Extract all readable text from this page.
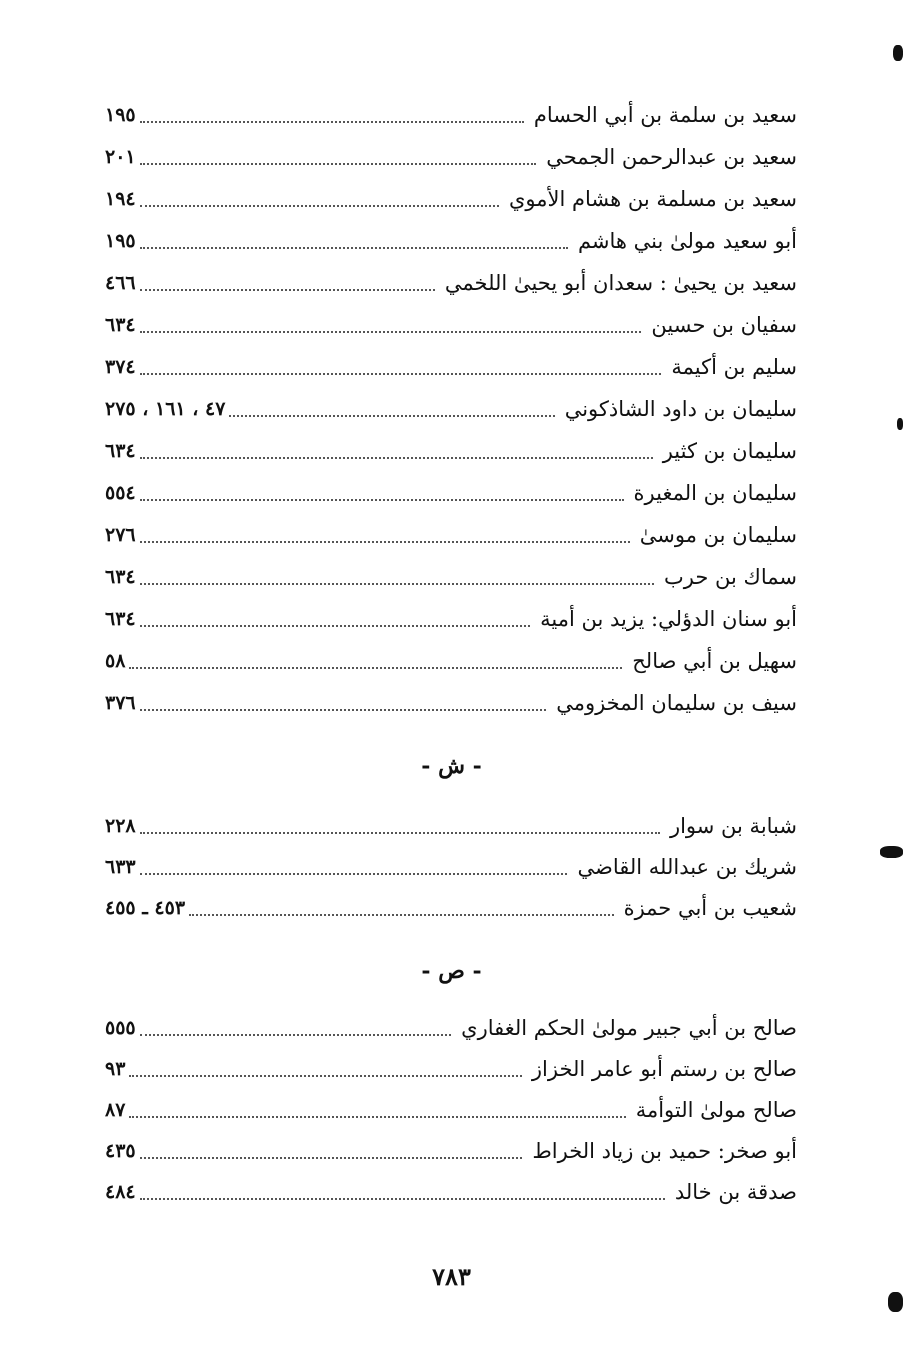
سعيد بن سلمة بن أبي الحسام
١٩٥
سعيد بن عبدالرحمن الجمحي
٢٠١
سعيد بن مسلمة بن هشام الأموي
١٩٤
أبو سعيد مولىٰ بني هاشم
١٩٥
سعيد بن يحيىٰ : سعدان أبو يحيىٰ اللخمي
٤٦٦
سفيان بن حسين
٦٣٤
سليم بن أكيمة
٣٧٤
سليمان بن داود الشاذكوني
٤٧ ، ١٦١ ، ٢٧٥
سليمان بن كثير
٦٣٤
سليمان بن المغيرة
٥٥٤
سليمان بن موسىٰ
٢٧٦
سماك بن حرب
٦٣٤
أبو سنان الدؤلي: يزيد بن أمية
٦٣٤
سهيل بن أبي صالح
٥٨
سيف بن سليمان المخزومي
٣٧٦
- ش -
شبابة بن سوار
٢٢٨
شريك بن عبدالله القاضي
٦٣٣
شعيب بن أبي حمزة
٤٥٣ ـ ٤٥٥
- ص -
صالح بن أبي جبير مولىٰ الحكم الغفاري
٥٥٥
صالح بن رستم أبو عامر الخزاز
٩٣
صالح مولىٰ التوأمة
٨٧
أبو صخر: حميد بن زياد الخراط
٤٣٥
صدقة بن خالد
٤٨٤
٧٨٣
